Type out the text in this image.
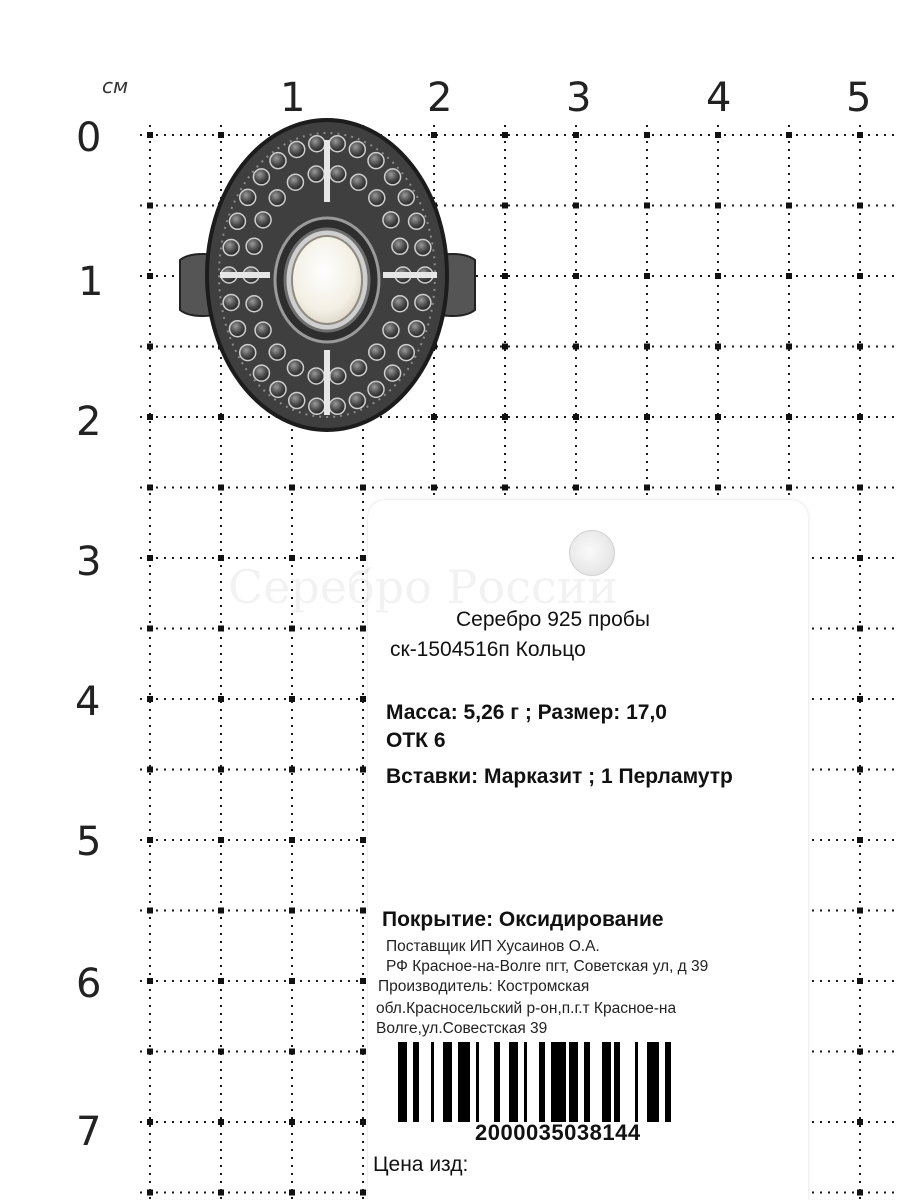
см	1	2	3	4	5
0
1
2
3
4
5
6
7
Серебро России
Серебро 925 пробы
ск-1504516п Кольцо
Масса: 5,26 г ; Размер: 17,0
ОТК 6
Вставки: Марказит ; 1 Перламутр
Покрытие: Оксидирование
Поставщик ИП Хусаинов О.А.
РФ Красное-на-Волге пгт, Советская ул, д 39
Производитель: Костромская
обл.Красносельский р-он,п.г.т Красное-на
Волге,ул.Совестская 39
2000035038144
Цена изд:
